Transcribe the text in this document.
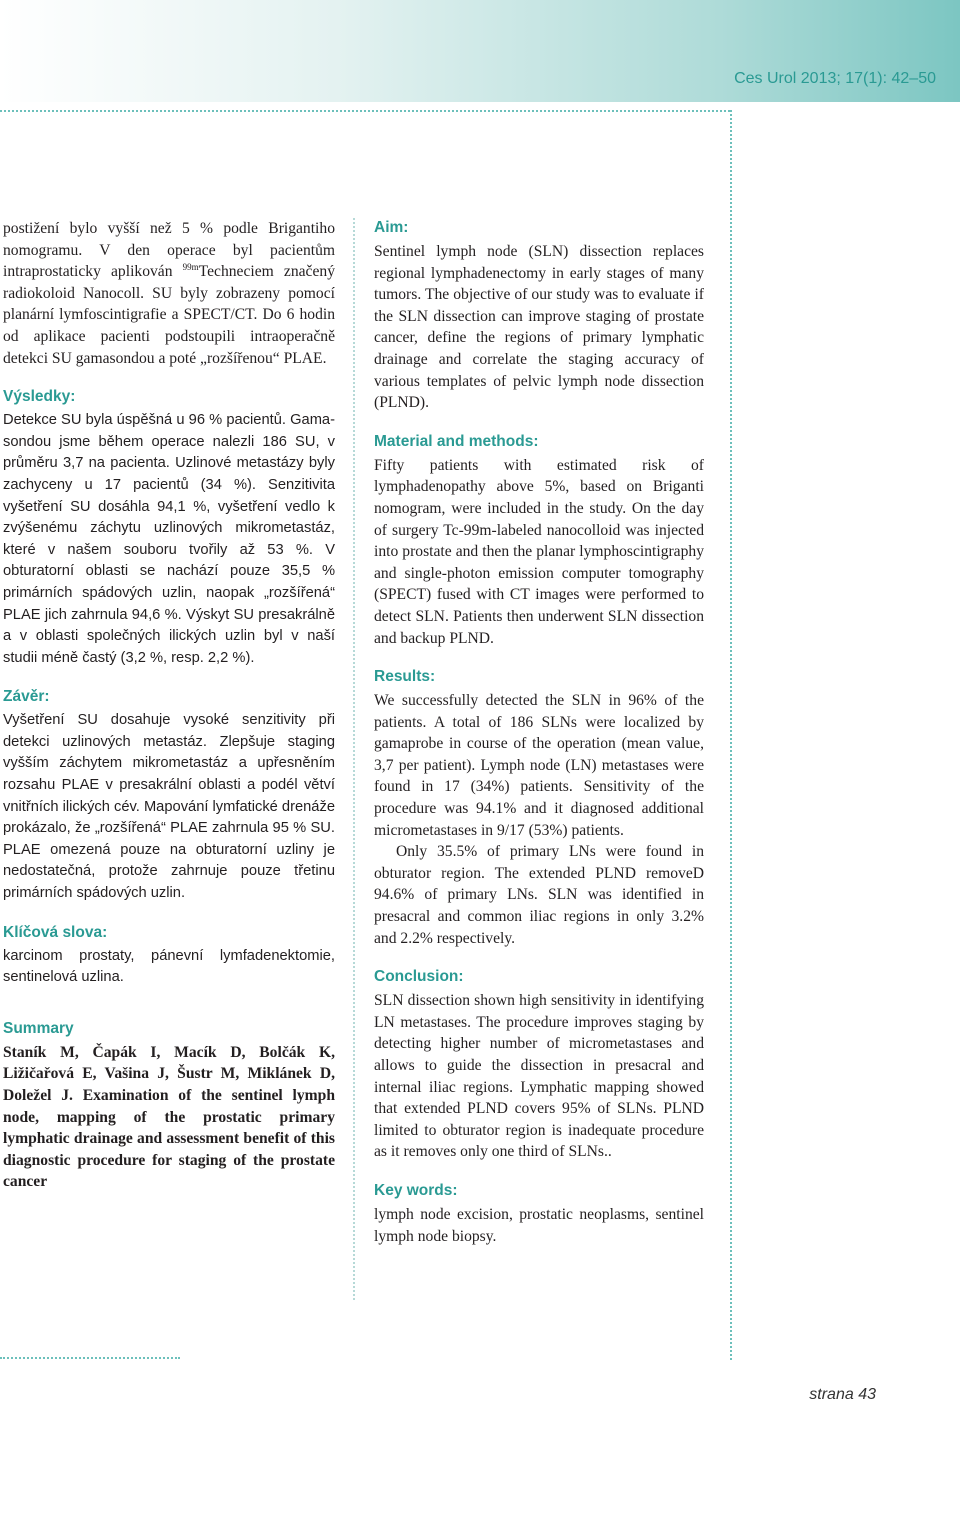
Ces Urol 2013; 17(1): 42–50

postižení bylo vyšší než 5 % podle Brigantiho nomogramu. V den operace byl pacientům intraprostaticky aplikován $^{99m}$Techneciem značený radiokoloid Nanocoll. SU byly zobrazeny pomocí planární lymfoscintigrafie a SPECT/CT. Do 6 hodin od aplikace pacienti podstoupili intraoperačně detekci SU gamasondou a poté „rozšířenou“ PLAE.

Výsledky:

Detekce SU byla úspěšná u 96 % pacientů. Gama-sondou jsme během operace nalezli 186 SU, v průměru 3,7 na pacienta. Uzlinové metastázy byly zachyceny u 17 pacientů (34 %). Senzitivita vyšetření SU dosáhla 94,1 %, vyšetření vedlo k zvýšenému záchytu uzlinových mikrometastáz, které v našem souboru tvořily až 53 %. V obturatorní oblasti se nachází pouze 35,5 % primárních spádových uzlin, naopak „rozšířená“ PLAE jich zahrnula 94,6 %. Výskyt SU presakrálně a v oblasti společných ilických uzlin byl v naší studii méně častý (3,2 %, resp. 2,2 %).

Závěr:

Vyšetření SU dosahuje vysoké senzitivity při detekci uzlinových metastáz. Zlepšuje staging vyšším záchytem mikrometastáz a upřesněním rozsahu PLAE v presakrální oblasti a podél větví vnitřních ilických cév. Mapování lymfatické drenáže prokázalo, že „rozšířená“ PLAE zahrnula 95 % SU. PLAE omezená pouze na obturatorní uzliny je nedostatečná, protože zahrnuje pouze třetinu primárních spádových uzlin.

Klíčová slova:

karcinom prostaty, pánevní lymfadenektomie, sentinelová uzlina.

Summary

Staník M, Čapák I, Macík D, Bolčák K, Ližičařová E, Vašina J, Šustr M, Miklánek D, Doležel J. Examination of the sentinel lymph node, mapping of the prostatic primary lymphatic drainage and assessment benefit of this diagnostic procedure for staging of the prostate cancer

Aim:

Sentinel lymph node (SLN) dissection replaces regional lymphadenectomy in early stages of many tumors. The objective of our study was to evaluate if the SLN dissection can improve staging of prostate cancer, define the regions of primary lymphatic drainage and correlate the staging accuracy of various templates of pelvic lymph node dissection (PLND).

Material and methods:

Fifty patients with estimated risk of lymphadenopathy above 5%, based on Briganti nomogram, were included in the study. On the day of surgery Tc-99m-labeled nanocolloid was injected into prostate and then the planar lymphoscintigraphy and single-photon emission computer tomography (SPECT) fused with CT images were performed to detect SLN. Patients then underwent SLN dissection and backup PLND.

Results:

We successfully detected the SLN in 96% of the patients. A total of 186 SLNs were localized by gamaprobe in course of the operation (mean value, 3,7 per patient). Lymph node (LN) metastases were found in 17 (34%) patients. Sensitivity of the procedure was 94.1% and it diagnosed additional micrometastases in 9/17 (53%) patients.

Only 35.5% of primary LNs were found in obturator region. The extended PLND removeD 94.6% of primary LNs. SLN was identified in presacral and common iliac regions in only 3.2% and 2.2% respectively.

Conclusion:

SLN dissection shown high sensitivity in identifying LN metastases. The procedure improves staging by detecting higher number of micrometastases and allows to guide the dissection in presacral and internal iliac regions. Lymphatic mapping showed that extended PLND covers 95% of SLNs. PLND limited to obturator region is inadequate procedure as it removes only one third of SLNs..

Key words:

lymph node excision, prostatic neoplasms, sentinel lymph node biopsy.

strana 43
